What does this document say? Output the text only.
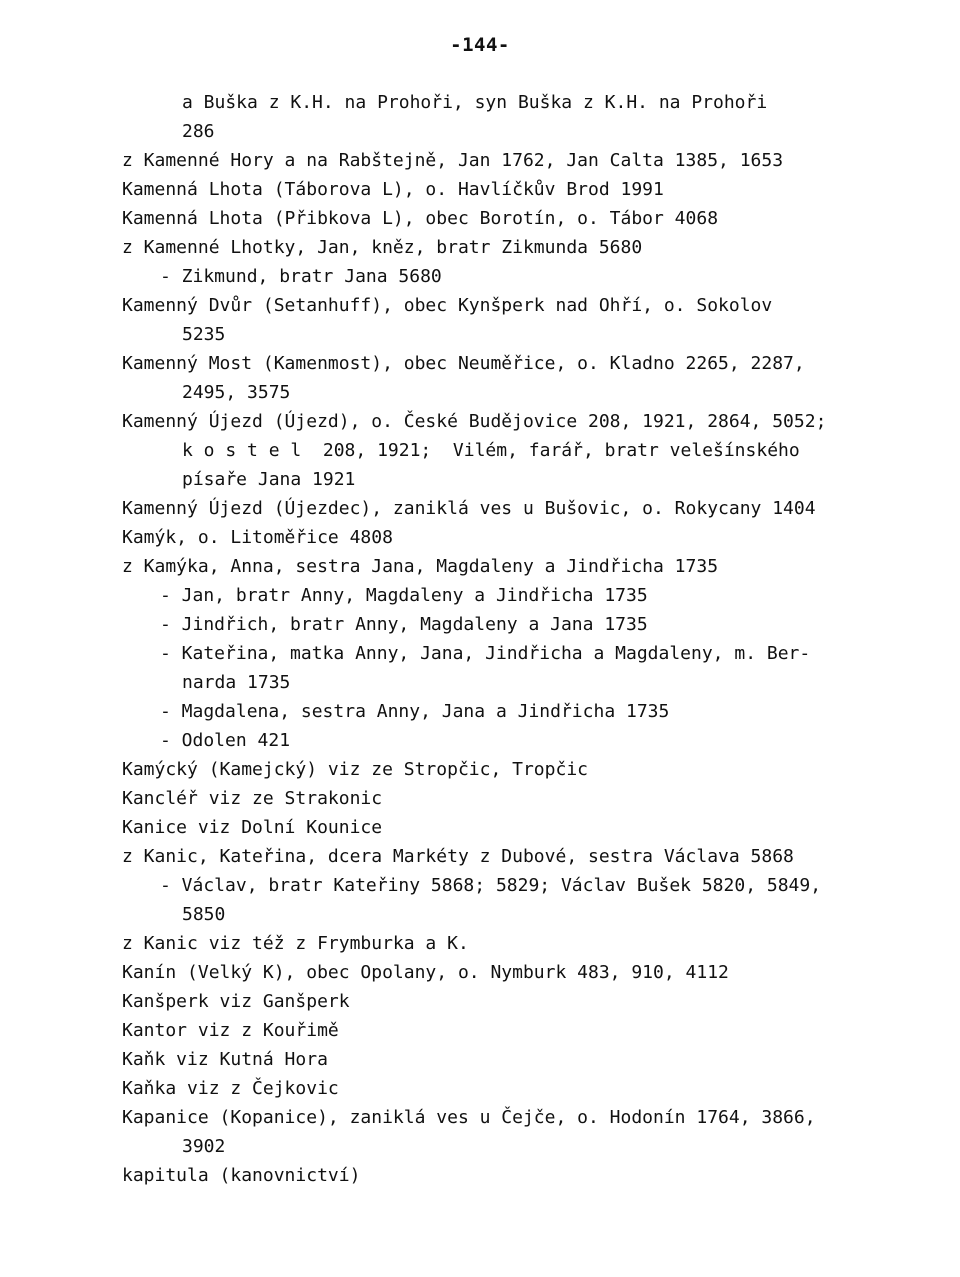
-144-
a Buška z K.H. na Prohoři, syn Buška z K.H. na Prohoři
286
z Kamenné Hory a na Rabštejně, Jan 1762, Jan Calta 1385, 1653
Kamenná Lhota (Táborova L), o. Havlíčkův Brod 1991
Kamenná Lhota (Přibkova L), obec Borotín, o. Tábor 4068
z Kamenné Lhotky, Jan, kněz, bratr Zikmunda 5680
- Zikmund, bratr Jana 5680
Kamenný Dvůr (Setanhuff), obec Kynšperk nad Ohří, o. Sokolov
5235
Kamenný Most (Kamenmost), obec Neuměřice, o. Kladno 2265, 2287,
2495, 3575
Kamenný Újezd (Újezd), o. České Budějovice 208, 1921, 2864, 5052;
k o s t e l  208, 1921;  Vilém, farář, bratr velešínského
písaře Jana 1921
Kamenný Újezd (Újezdec), zaniklá ves u Bušovic, o. Rokycany 1404
Kamýk, o. Litoměřice 4808
z Kamýka, Anna, sestra Jana, Magdaleny a Jindřicha 1735
- Jan, bratr Anny, Magdaleny a Jindřicha 1735
- Jindřich, bratr Anny, Magdaleny a Jana 1735
- Kateřina, matka Anny, Jana, Jindřicha a Magdaleny, m. Ber-
narda 1735
- Magdalena, sestra Anny, Jana a Jindřicha 1735
- Odolen 421
Kamýcký (Kamejcký) viz ze Stropčic, Tropčic
Kancléř viz ze Strakonic
Kanice viz Dolní Kounice
z Kanic, Kateřina, dcera Markéty z Dubové, sestra Václava 5868
- Václav, bratr Kateřiny 5868; 5829; Václav Bušek 5820, 5849,
5850
z Kanic viz též z Frymburka a K.
Kanín (Velký K), obec Opolany, o. Nymburk 483, 910, 4112
Kanšperk viz Ganšperk
Kantor viz z Kouřimě
Kaňk viz Kutná Hora
Kaňka viz z Čejkovic
Kapanice (Kopanice), zaniklá ves u Čejče, o. Hodonín 1764, 3866,
3902
kapitula (kanovnictví)
